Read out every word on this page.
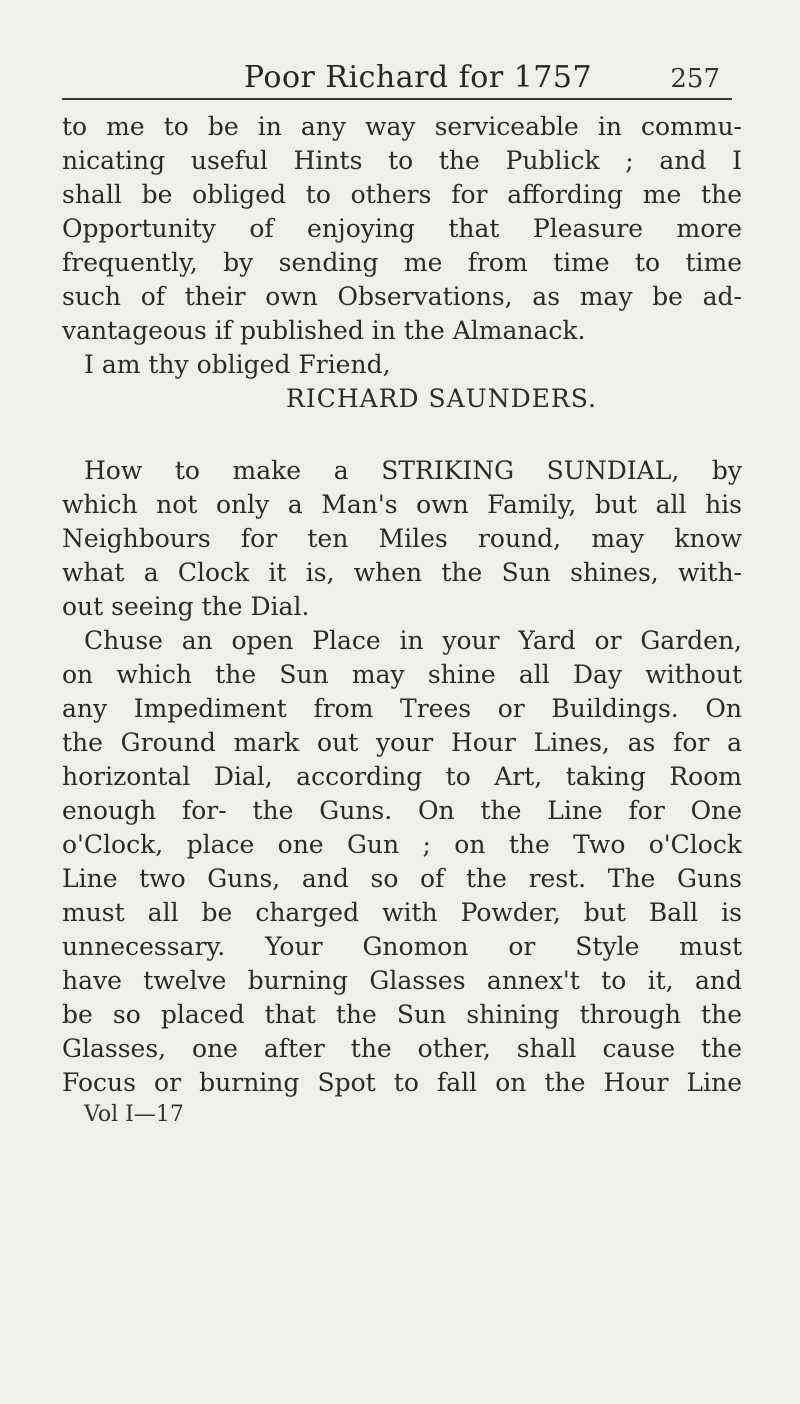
Poor Richard for 1757	257
to me to be in any way serviceable in commu-
nicating useful Hints to the Publick ; and I
shall be obliged to others for affording me the
Opportunity of enjoying that Pleasure more
frequently, by sending me from time to time
such of their own Observations, as may be ad-
vantageous if published in the Almanack.
I am thy obliged Friend,
RICHARD SAUNDERS.
How to make a STRIKING SUNDIAL, by
which not only a Man's own Family, but all his
Neighbours for ten Miles round, may know
what a Clock it is, when the Sun shines, with-
out seeing the Dial.
Chuse an open Place in your Yard or Garden,
on which the Sun may shine all Day without
any Impediment from Trees or Buildings. On
the Ground mark out your Hour Lines, as for a
horizontal Dial, according to Art, taking Room
enough for- the Guns. On the Line for One
o'Clock, place one Gun ; on the Two o'Clock
Line two Guns, and so of the rest. The Guns
must all be charged with Powder, but Ball is
unnecessary. Your Gnomon or Style must
have twelve burning Glasses annex't to it, and
be so placed that the Sun shining through the
Glasses, one after the other, shall cause the
Focus or burning Spot to fall on the Hour Line
Vol I—17
